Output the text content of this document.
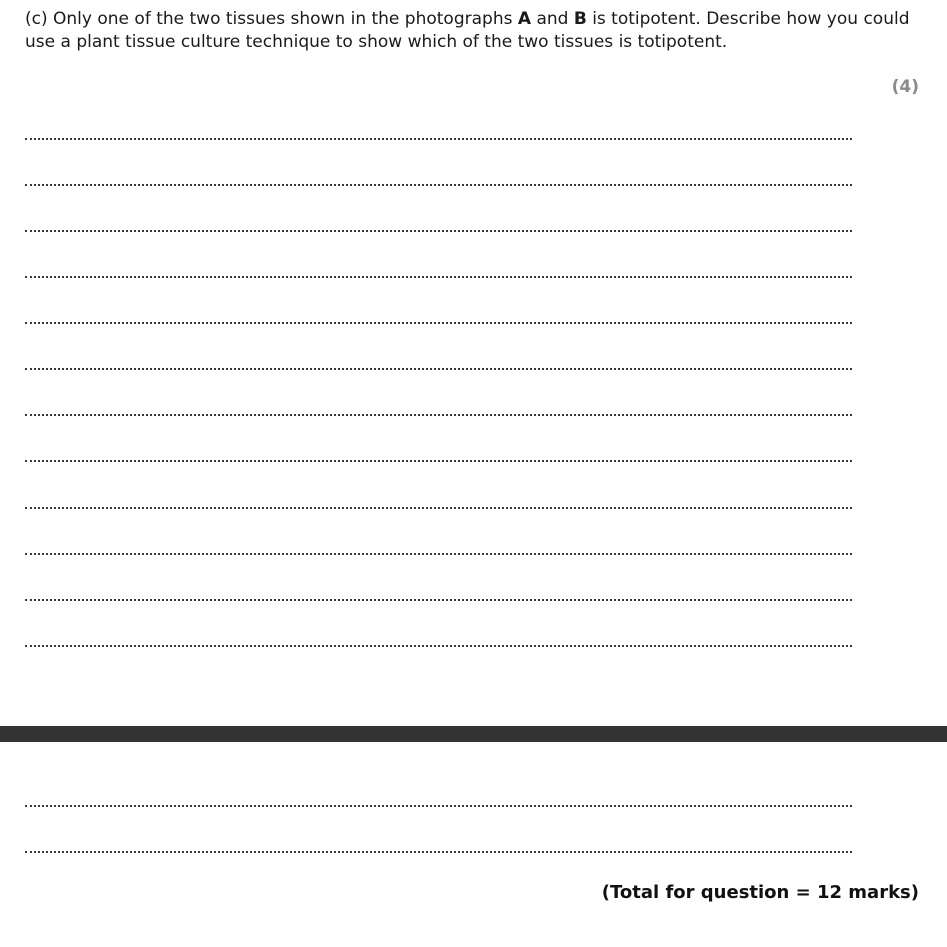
(c) Only one of the two tissues shown in the photographs A and B is totipotent. Describe how you could use a plant tissue culture technique to show which of the two tissues is totipotent.

(4)
(Total for question = 12 marks)
